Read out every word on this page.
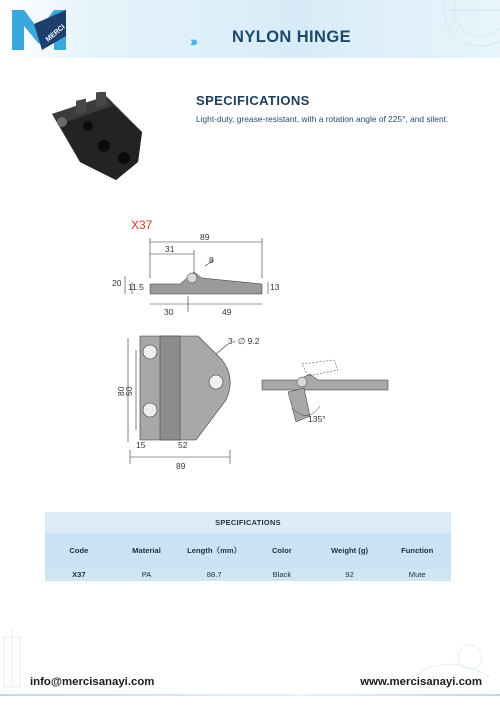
MERCI	››› NYLON HINGE
SPECIFICATIONS
Light-duty, grease-resistant, with a rotation angle of 225°, and silent.
X37
89
31
20 11.5	13
30	49
8
80
50
3- ∅ 9.2
15	52
89
135°
SPECIFICATIONS
Code	Material	Length（mm）	Color	Weight (g)	Function
X37	PA	88.7	Black	92	Mute
info@mercisanayi.com	www.mercisanayi.com
